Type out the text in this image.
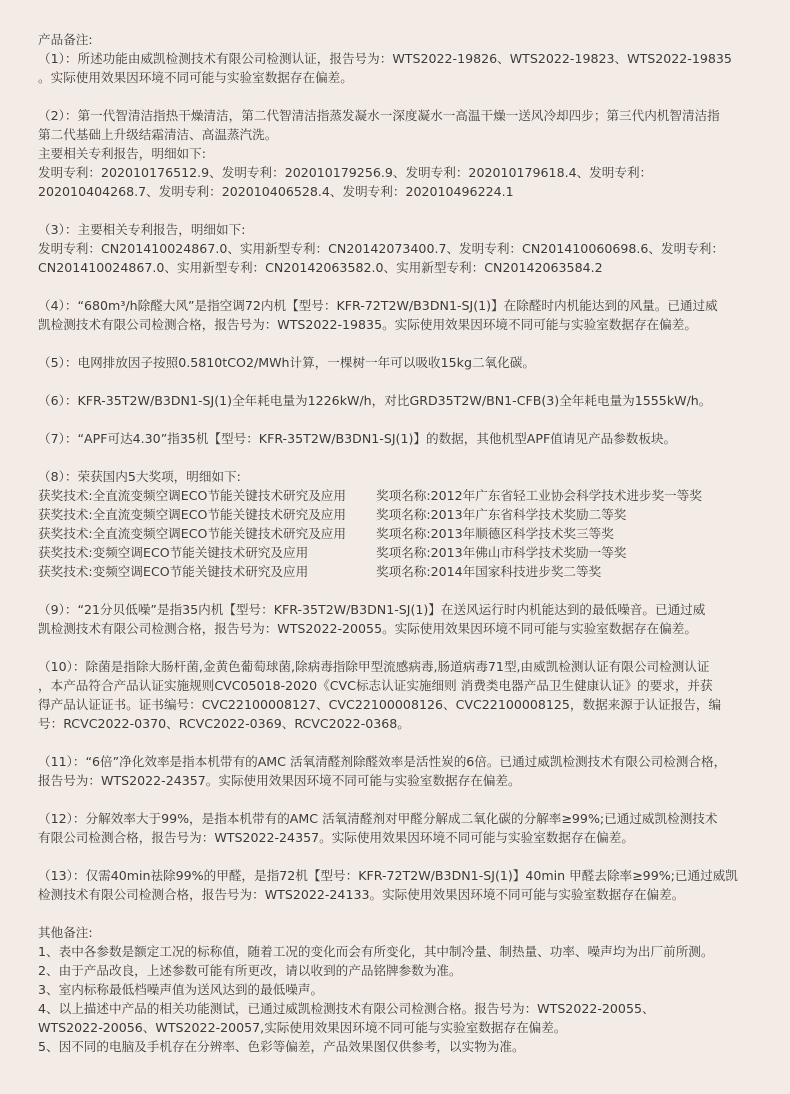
产品备注:
（1）：所述功能由威凯检测技术有限公司检测认证，报告号为：WTS2022-19826、WTS2022-19823、WTS2022-19835
。实际使用效果因环境不同可能与实验室数据存在偏差。
（2）：第一代智清洁指热干燥清洁，第二代智清洁指蒸发凝水一深度凝水一高温干燥一送风冷却四步；第三代内机智清洁指
第二代基础上升级结霜清洁、高温蒸汽洗。
主要相关专利报告，明细如下:
发明专利：202010176512.9、发明专利：202010179256.9、发明专利：202010179618.4、发明专利：
202010404268.7、发明专利：202010406528.4、发明专利：202010496224.1
（3）：主要相关专利报告，明细如下:
发明专利：CN201410024867.0、实用新型专利：CN20142073400.7、发明专利：CN201410060698.6、发明专利：
CN201410024867.0、实用新型专利：CN20142063582.0、实用新型专利：CN20142063584.2
（4）：“680m³/h除醛大风”是指空调72内机【型号：KFR-72T2W/B3DN1-SJ(1)】在除醛时内机能达到的风量。已通过威
凯检测技术有限公司检测合格，报告号为：WTS2022-19835。实际使用效果因环境不同可能与实验室数据存在偏差。
（5）：电网排放因子按照0.5810tCO2/MWh计算，一棵树一年可以吸收15kg二氧化碳。
（6）：KFR-35T2W/B3DN1-SJ(1)全年耗电量为1226kW/h，对比GRD35T2W/BN1-CFB(3)全年耗电量为1555kW/h。
（7）：“APF可达4.30”指35机【型号：KFR-35T2W/B3DN1-SJ(1)】的数据，其他机型APF值请见产品参数板块。
（8）：荣获国内5大奖项，明细如下:
获奖技术:全直流变频空调ECO节能关键技术研究及应用	奖项名称:2012年广东省轻工业协会科学技术进步奖一等奖
获奖技术:全直流变频空调ECO节能关键技术研究及应用	奖项名称:2013年广东省科学技术奖励二等奖
获奖技术:全直流变频空调ECO节能关键技术研究及应用	奖项名称:2013年顺德区科学技术奖三等奖
获奖技术:变频空调ECO节能关键技术研究及应用	奖项名称:2013年佛山市科学技术奖励一等奖
获奖技术:变频空调ECO节能关键技术研究及应用	奖项名称:2014年国家科技进步奖二等奖
（9）：“21分贝低噪”是指35内机【型号：KFR-35T2W/B3DN1-SJ(1)】在送风运行时内机能达到的最低噪音。已通过威
凯检测技术有限公司检测合格，报告号为：WTS2022-20055。实际使用效果因环境不同可能与实验室数据存在偏差。
（10）：除菌是指除大肠杆菌,金黄色葡萄球菌,除病毒指除甲型流感病毒,肠道病毒71型,由威凯检测认证有限公司检测认证
，本产品符合产品认证实施规则CVC05018-2020《CVC标志认证实施细则 消费类电器产品卫生健康认证》的要求，并获
得产品认证证书。证书编号：CVC22100008127、CVC22100008126、CVC22100008125，数据来源于认证报告，编
号：RCVC2022-0370、RCVC2022-0369、RCVC2022-0368。
（11）：“6倍”净化效率是指本机带有的AMC 活氧清醛剂除醛效率是活性炭的6倍。已通过威凯检测技术有限公司检测合格，
报告号为：WTS2022-24357。实际使用效果因环境不同可能与实验室数据存在偏差。
（12）：分解效率大于99%，是指本机带有的AMC 活氧清醛剂对甲醛分解成二氧化碳的分解率≥99%;已通过威凯检测技术
有限公司检测合格，报告号为：WTS2022-24357。实际使用效果因环境不同可能与实验室数据存在偏差。
（13）：仅需40min祛除99%的甲醛，是指72机【型号：KFR-72T2W/B3DN1-SJ(1)】40min 甲醛去除率≥99%;已通过威凯
检测技术有限公司检测合格，报告号为：WTS2022-24133。实际使用效果因环境不同可能与实验室数据存在偏差。
其他备注:
1、表中各参数是额定工况的标称值，随着工况的变化而会有所变化，其中制冷量、制热量、功率、噪声均为出厂前所测。
2、由于产品改良，上述参数可能有所更改，请以收到的产品铭牌参数为准。
3、室内标称最低档噪声值为送风达到的最低噪声。
4、以上描述中产品的相关功能测试，已通过威凯检测技术有限公司检测合格。报告号为：WTS2022-20055、
WTS2022-20056、WTS2022-20057,实际使用效果因环境不同可能与实验室数据存在偏差。
5、因不同的电脑及手机存在分辨率、色彩等偏差，产品效果图仅供参考，以实物为准。
